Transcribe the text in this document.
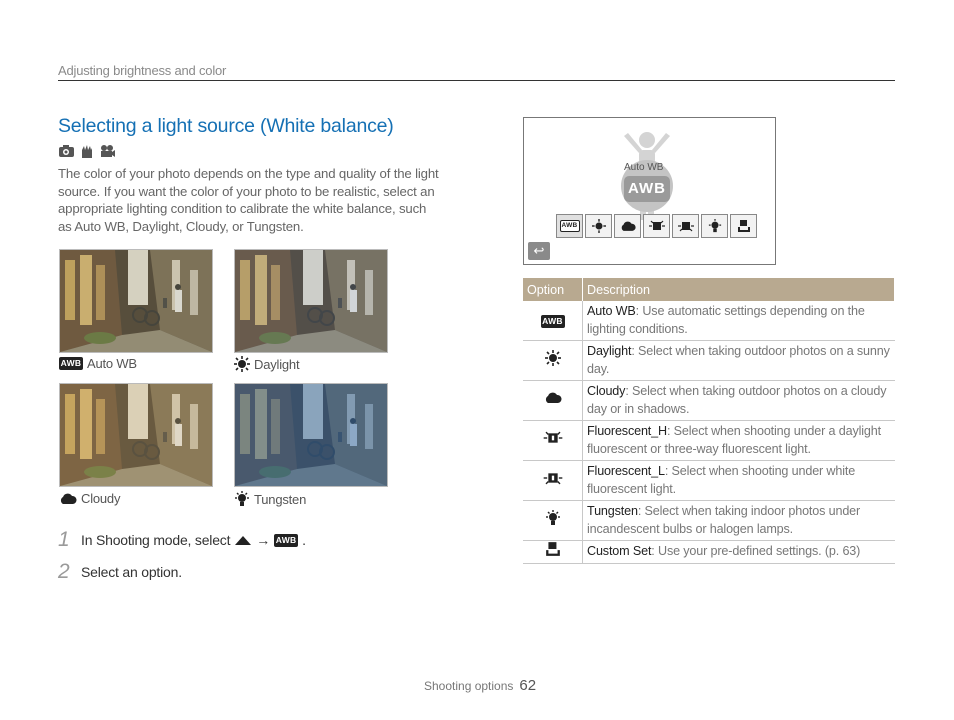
Adjusting brightness and color
Selecting a light source (White balance)
The color of your photo depends on the type and quality of the light source. If you want the color of your photo to be realistic, select an appropriate lighting condition to calibrate the white balance, such as Auto WB, Daylight, Cloudy, or Tungsten.
AWB Auto WB	Daylight
Cloudy	Tungsten
1 In Shooting mode, select → AWB .
2 Select an option.
Auto WB
AWB
AWB
↩
Option	Description
AWB	Auto WB: Use automatic settings depending on the lighting conditions.
	Daylight: Select when taking outdoor photos on a sunny day.
	Cloudy: Select when taking outdoor photos on a cloudy day or in shadows.
	Fluorescent_H: Select when shooting under a daylight fluorescent or three-way fluorescent light.
	Fluorescent_L: Select when shooting under white fluorescent light.
	Tungsten: Select when taking indoor photos under incandescent bulbs or halogen lamps.
	Custom Set: Use your pre-defined settings. (p. 63)
Shooting options 62
